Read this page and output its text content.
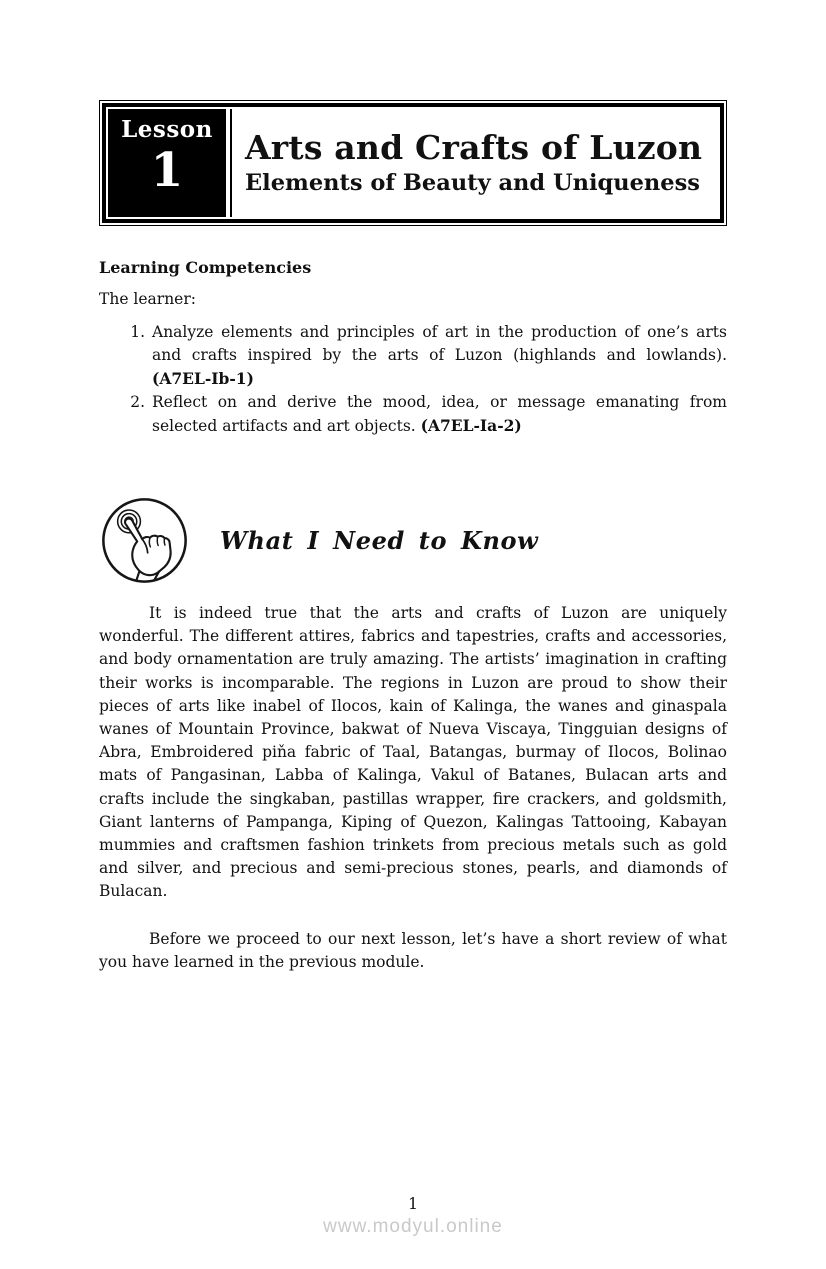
Lesson
1	Arts and Crafts of Luzon
Elements of Beauty and Uniqueness
Learning Competencies

The learner:

1. Analyze elements and principles of art in the production of one’s arts and crafts inspired by the arts of Luzon (highlands and lowlands). (A7EL-Ib-1)
2. Reflect on and derive the mood, idea, or message emanating from selected artifacts and art objects. (A7EL-Ia-2)
What I Need to Know

It is indeed true that the arts and crafts of Luzon are uniquely wonderful. The different attires, fabrics and tapestries, crafts and accessories, and body ornamentation are truly amazing. The artists’ imagination in crafting their works is incomparable. The regions in Luzon are proud to show their pieces of arts like inabel of Ilocos, kain of Kalinga, the wanes and ginaspala wanes of Mountain Province, bakwat of Nueva Viscaya, Tingguian designs of Abra, Embroidered piňa fabric of Taal, Batangas, burmay of Ilocos, Bolinao mats of Pangasinan, Labba of Kalinga, Vakul of Batanes, Bulacan arts and crafts include the singkaban, pastillas wrapper, fire crackers, and goldsmith, Giant lanterns of Pampanga, Kiping of Quezon, Kalingas Tattooing, Kabayan mummies and craftsmen fashion trinkets from precious metals such as gold and silver, and precious and semi-precious stones, pearls, and diamonds of Bulacan.

Before we proceed to our next lesson, let’s have a short review of what you have learned in the previous module.

1
www.modyul.online
